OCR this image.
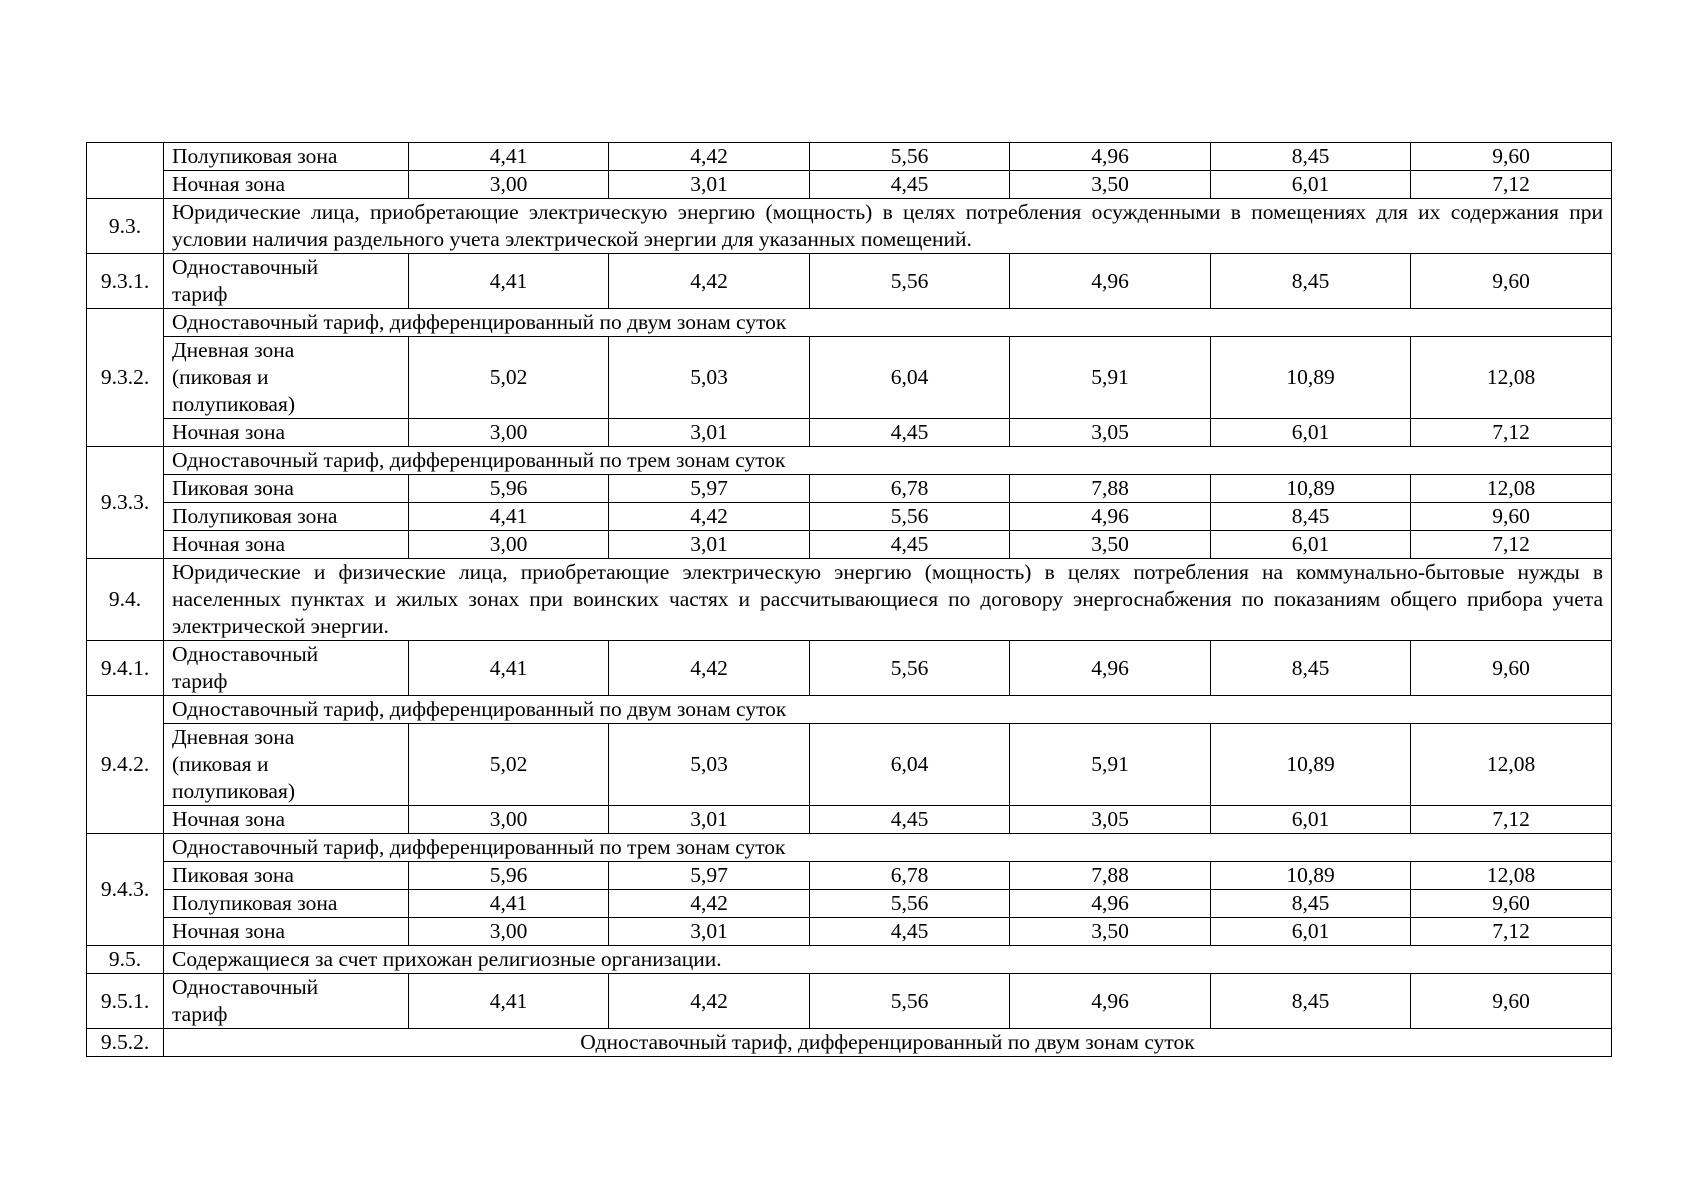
	Полупиковая зона	4,41	4,42	5,56	4,96	8,45	9,60
	Ночная зона	3,00	3,01	4,45	3,50	6,01	7,12
9.3.	Юридические лица, приобретающие электрическую энергию (мощность) в целях потребления осужденными в помещениях для их содержания при условии наличия раздельного учета электрической энергии для указанных помещений.						
9.3.1.	Одноставочный тариф	4,41	4,42	5,56	4,96	8,45	9,60
9.3.2.	Одноставочный тариф, дифференцированный по двум зонам суток						
	Дневная зона (пиковая и полупиковая)	5,02	5,03	6,04	5,91	10,89	12,08
	Ночная зона	3,00	3,01	4,45	3,05	6,01	7,12
9.3.3.	Одноставочный тариф, дифференцированный по трем зонам суток						
	Пиковая зона	5,96	5,97	6,78	7,88	10,89	12,08
	Полупиковая зона	4,41	4,42	5,56	4,96	8,45	9,60
	Ночная зона	3,00	3,01	4,45	3,50	6,01	7,12
9.4.	Юридические и физические лица, приобретающие электрическую энергию (мощность) в целях потребления на коммунально-бытовые нужды в населенных пунктах и жилых зонах при воинских частях и рассчитывающиеся по договору энергоснабжения по показаниям общего прибора учета электрической энергии.						
9.4.1.	Одноставочный тариф	4,41	4,42	5,56	4,96	8,45	9,60
9.4.2.	Одноставочный тариф, дифференцированный по двум зонам суток						
	Дневная зона (пиковая и полупиковая)	5,02	5,03	6,04	5,91	10,89	12,08
	Ночная зона	3,00	3,01	4,45	3,05	6,01	7,12
9.4.3.	Одноставочный тариф, дифференцированный по трем зонам суток						
	Пиковая зона	5,96	5,97	6,78	7,88	10,89	12,08
	Полупиковая зона	4,41	4,42	5,56	4,96	8,45	9,60
	Ночная зона	3,00	3,01	4,45	3,50	6,01	7,12
9.5.	Содержащиеся за счет прихожан религиозные организации.						
9.5.1.	Одноставочный тариф	4,41	4,42	5,56	4,96	8,45	9,60
9.5.2.	Одноставочный тариф, дифференцированный по двум зонам суток						
